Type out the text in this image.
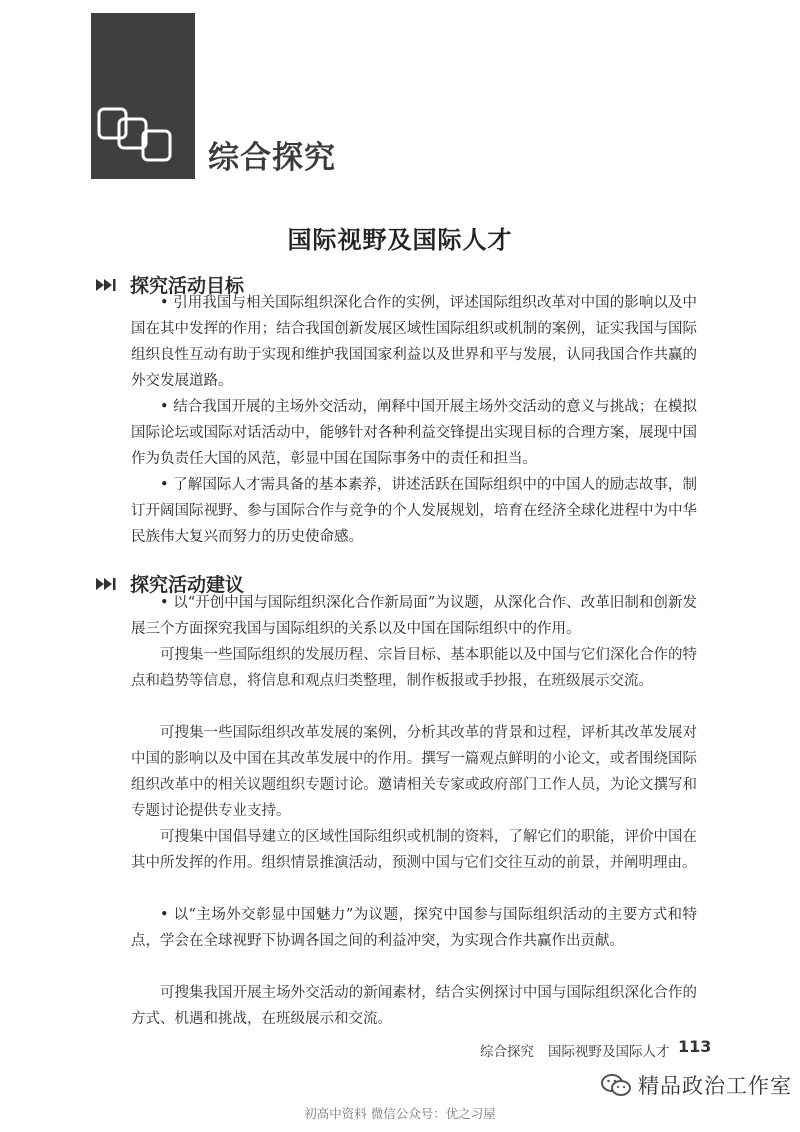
综合探究
国际视野及国际人才
探究活动目标

• 引用我国与相关国际组织深化合作的实例，评述国际组织改革对中国的影响以及中国在其中发挥的作用；结合我国创新发展区域性国际组织或机制的案例，证实我国与国际组织良性互动有助于实现和维护我国国家利益以及世界和平与发展，认同我国合作共赢的外交发展道路。

• 结合我国开展的主场外交活动，阐释中国开展主场外交活动的意义与挑战；在模拟国际论坛或国际对话活动中，能够针对各种利益交锋提出实现目标的合理方案，展现中国作为负责任大国的风范，彰显中国在国际事务中的责任和担当。

• 了解国际人才需具备的基本素养，讲述活跃在国际组织中的中国人的励志故事，制订开阔国际视野、参与国际合作与竞争的个人发展规划，培育在经济全球化进程中为中华民族伟大复兴而努力的历史使命感。

探究活动建议

• 以“开创中国与国际组织深化合作新局面”为议题，从深化合作、改革旧制和创新发展三个方面探究我国与国际组织的关系以及中国在国际组织中的作用。

可搜集一些国际组织的发展历程、宗旨目标、基本职能以及中国与它们深化合作的特点和趋势等信息，将信息和观点归类整理，制作板报或手抄报，在班级展示交流。

可搜集一些国际组织改革发展的案例，分析其改革的背景和过程，评析其改革发展对中国的影响以及中国在其改革发展中的作用。撰写一篇观点鲜明的小论文，或者围绕国际组织改革中的相关议题组织专题讨论。邀请相关专家或政府部门工作人员，为论文撰写和专题讨论提供专业支持。

可搜集中国倡导建立的区域性国际组织或机制的资料，了解它们的职能，评价中国在其中所发挥的作用。组织情景推演活动，预测中国与它们交往互动的前景，并阐明理由。

• 以“主场外交彰显中国魅力”为议题，探究中国参与国际组织活动的主要方式和特点，学会在全球视野下协调各国之间的利益冲突，为实现合作共赢作出贡献。

可搜集我国开展主场外交活动的新闻素材，结合实例探讨中国与国际组织深化合作的方式、机遇和挑战，在班级展示和交流。

综合探究 国际视野及国际人才 113
精品政治工作室
初高中资料 微信公众号：优之习屋
